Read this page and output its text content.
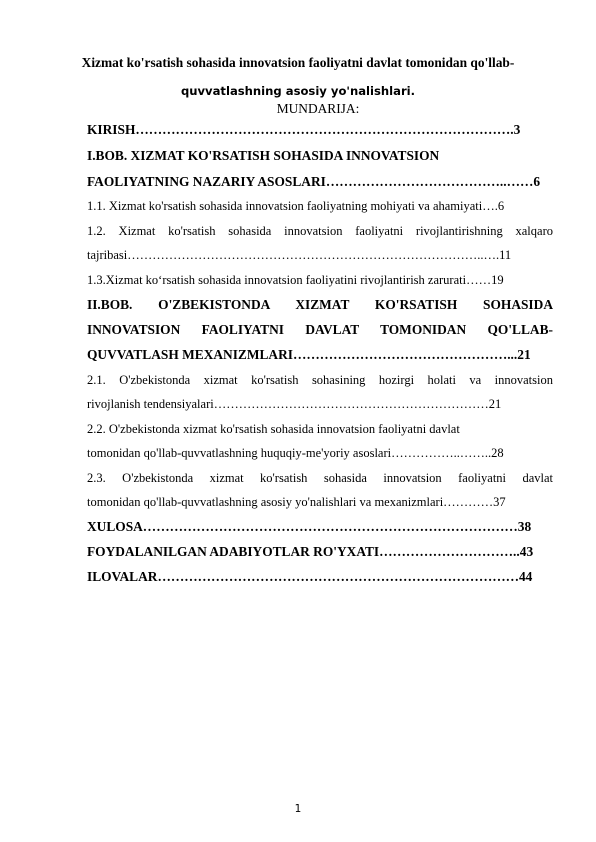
Xizmat ko'rsatish sohasida innovatsion faoliyatni davlat tomonidan qo'llab-

quvvatlashning asosiy yo'nalishlari.

MUNDARIJA:

KIRISH………………………………………………………………………….3
I.BOB. XIZMAT KO'RSATISH SOHASIDA INNOVATSION
FAOLIYATNING NAZARIY ASOSLARI…………………………………..……6
1.1. Xizmat ko'rsatish sohasida innovatsion faoliyatning mohiyati va ahamiyati….6
1.2. Xizmat ko'rsatish sohasida innovatsion faoliyatni rivojlantirishning xalqaro
tajribasi…………………………………………………………………………..….11
1.3.Xizmat ko‘rsatish sohasida innovatsion faoliyatini rivojlantirish zarurati……19
II.BOB. O'ZBEKISTONDA XIZMAT KO'RSATISH SOHASIDA
INNOVATSION FAOLIYATNI DAVLAT TOMONIDAN QO'LLAB-
QUVVATLASH MEXANIZMLARI…………………………………………...21
2.1. O'zbekistonda xizmat ko'rsatish sohasining hozirgi holati va innovatsion
rivojlanish tendensiyalari…………………………………………………………21
2.2. O'zbekistonda xizmat ko'rsatish sohasida innovatsion faoliyatni davlat
tomonidan qo'llab-quvvatlashning huquqiy-me'yoriy asoslari……………..……..28
2.3. O'zbekistonda xizmat ko'rsatish sohasida innovatsion faoliyatni davlat
tomonidan qo'llab-quvvatlashning asosiy yo'nalishlari va mexanizmlari…………37
XULOSA…………………………………………………………………………38
FOYDALANILGAN ADABIYOTLAR RO'YXATI…………………………..43
ILOVALAR………………………………………………………………………44
1
